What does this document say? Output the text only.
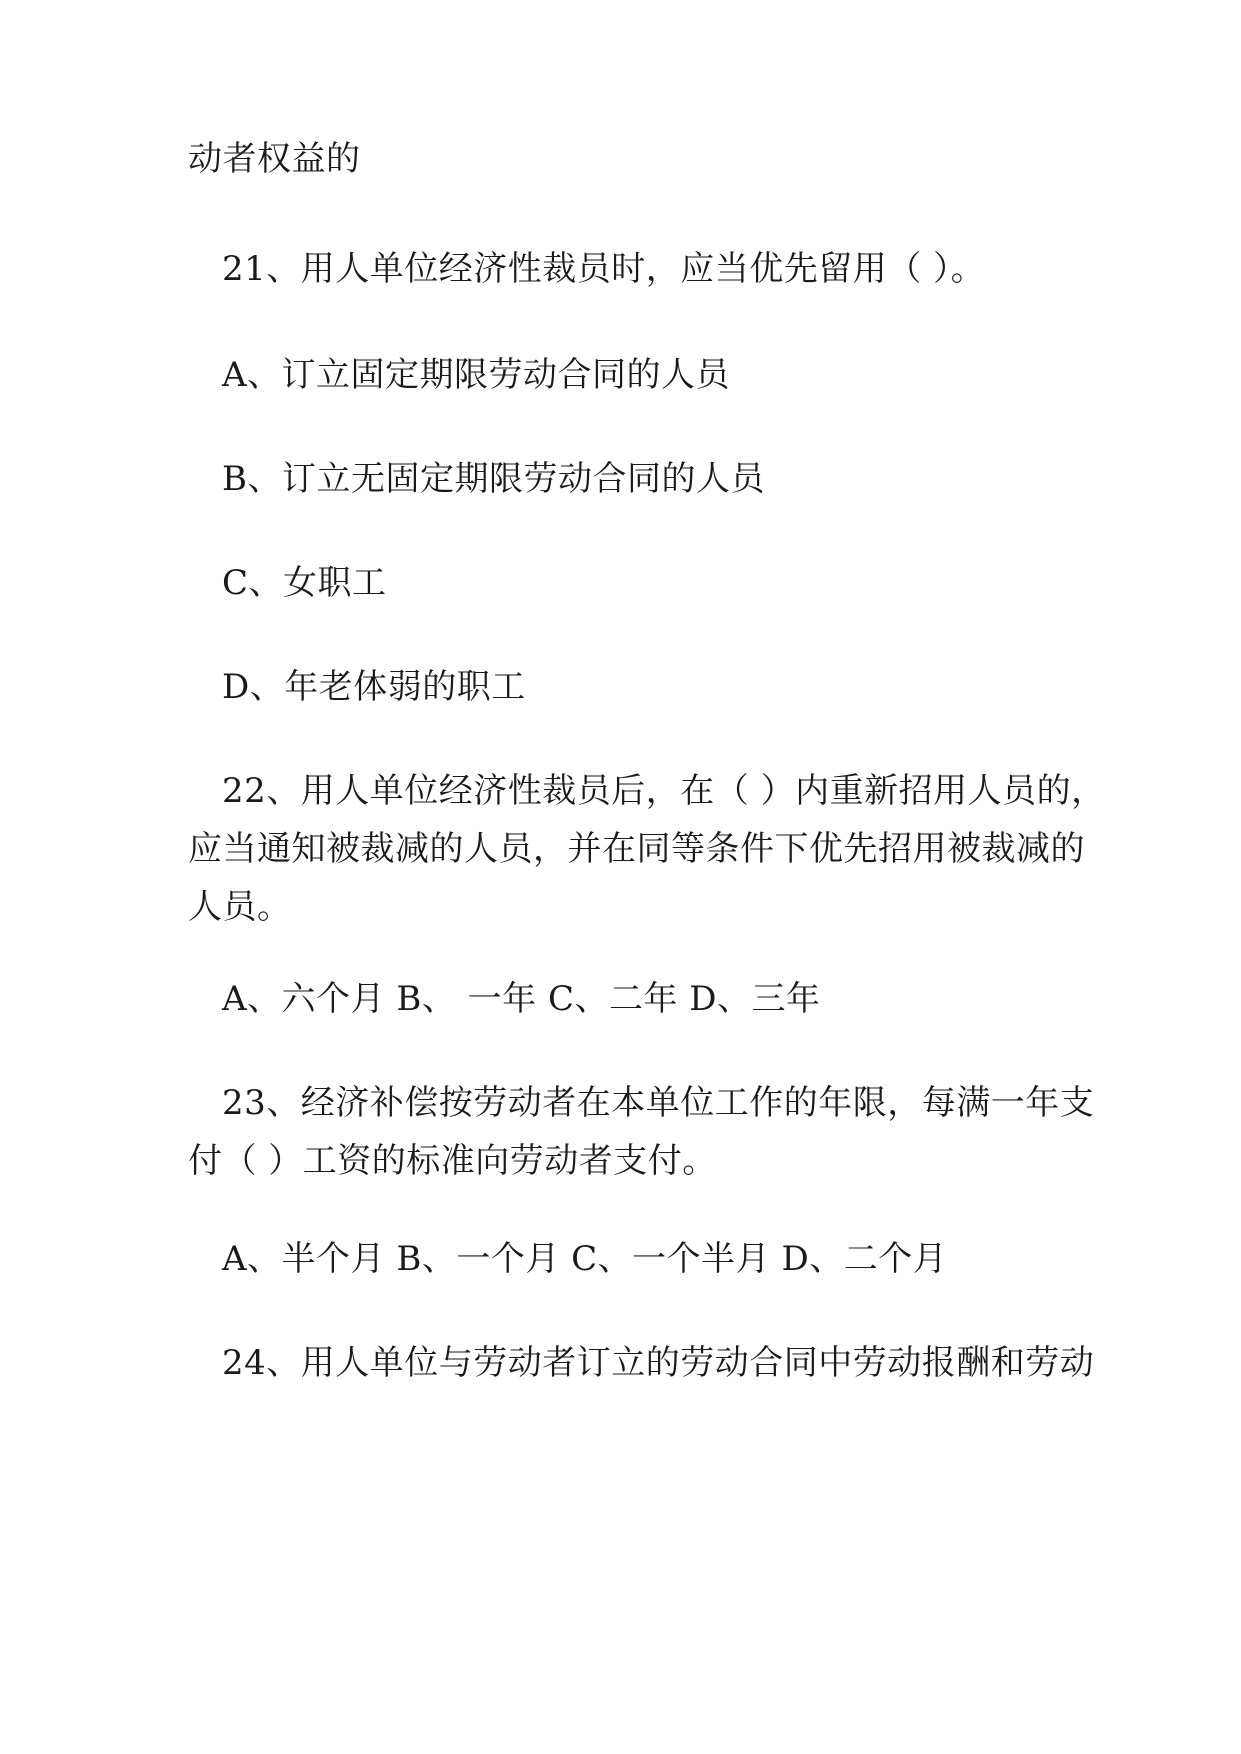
动者权益的
21、用人单位经济性裁员时，应当优先留用（ ）。
A、订立固定期限劳动合同的人员
B、订立无固定期限劳动合同的人员
C、女职工
D、年老体弱的职工
22、用人单位经济性裁员后，在（ ）内重新招用人员的，
应当通知被裁减的人员，并在同等条件下优先招用被裁减的
人员。
A、六个月 B、 一年 C、二年 D、三年
23、经济补偿按劳动者在本单位工作的年限，每满一年支
付（ ）工资的标准向劳动者支付。
A、半个月 B、一个月 C、一个半月 D、二个月
24、用人单位与劳动者订立的劳动合同中劳动报酬和劳动
